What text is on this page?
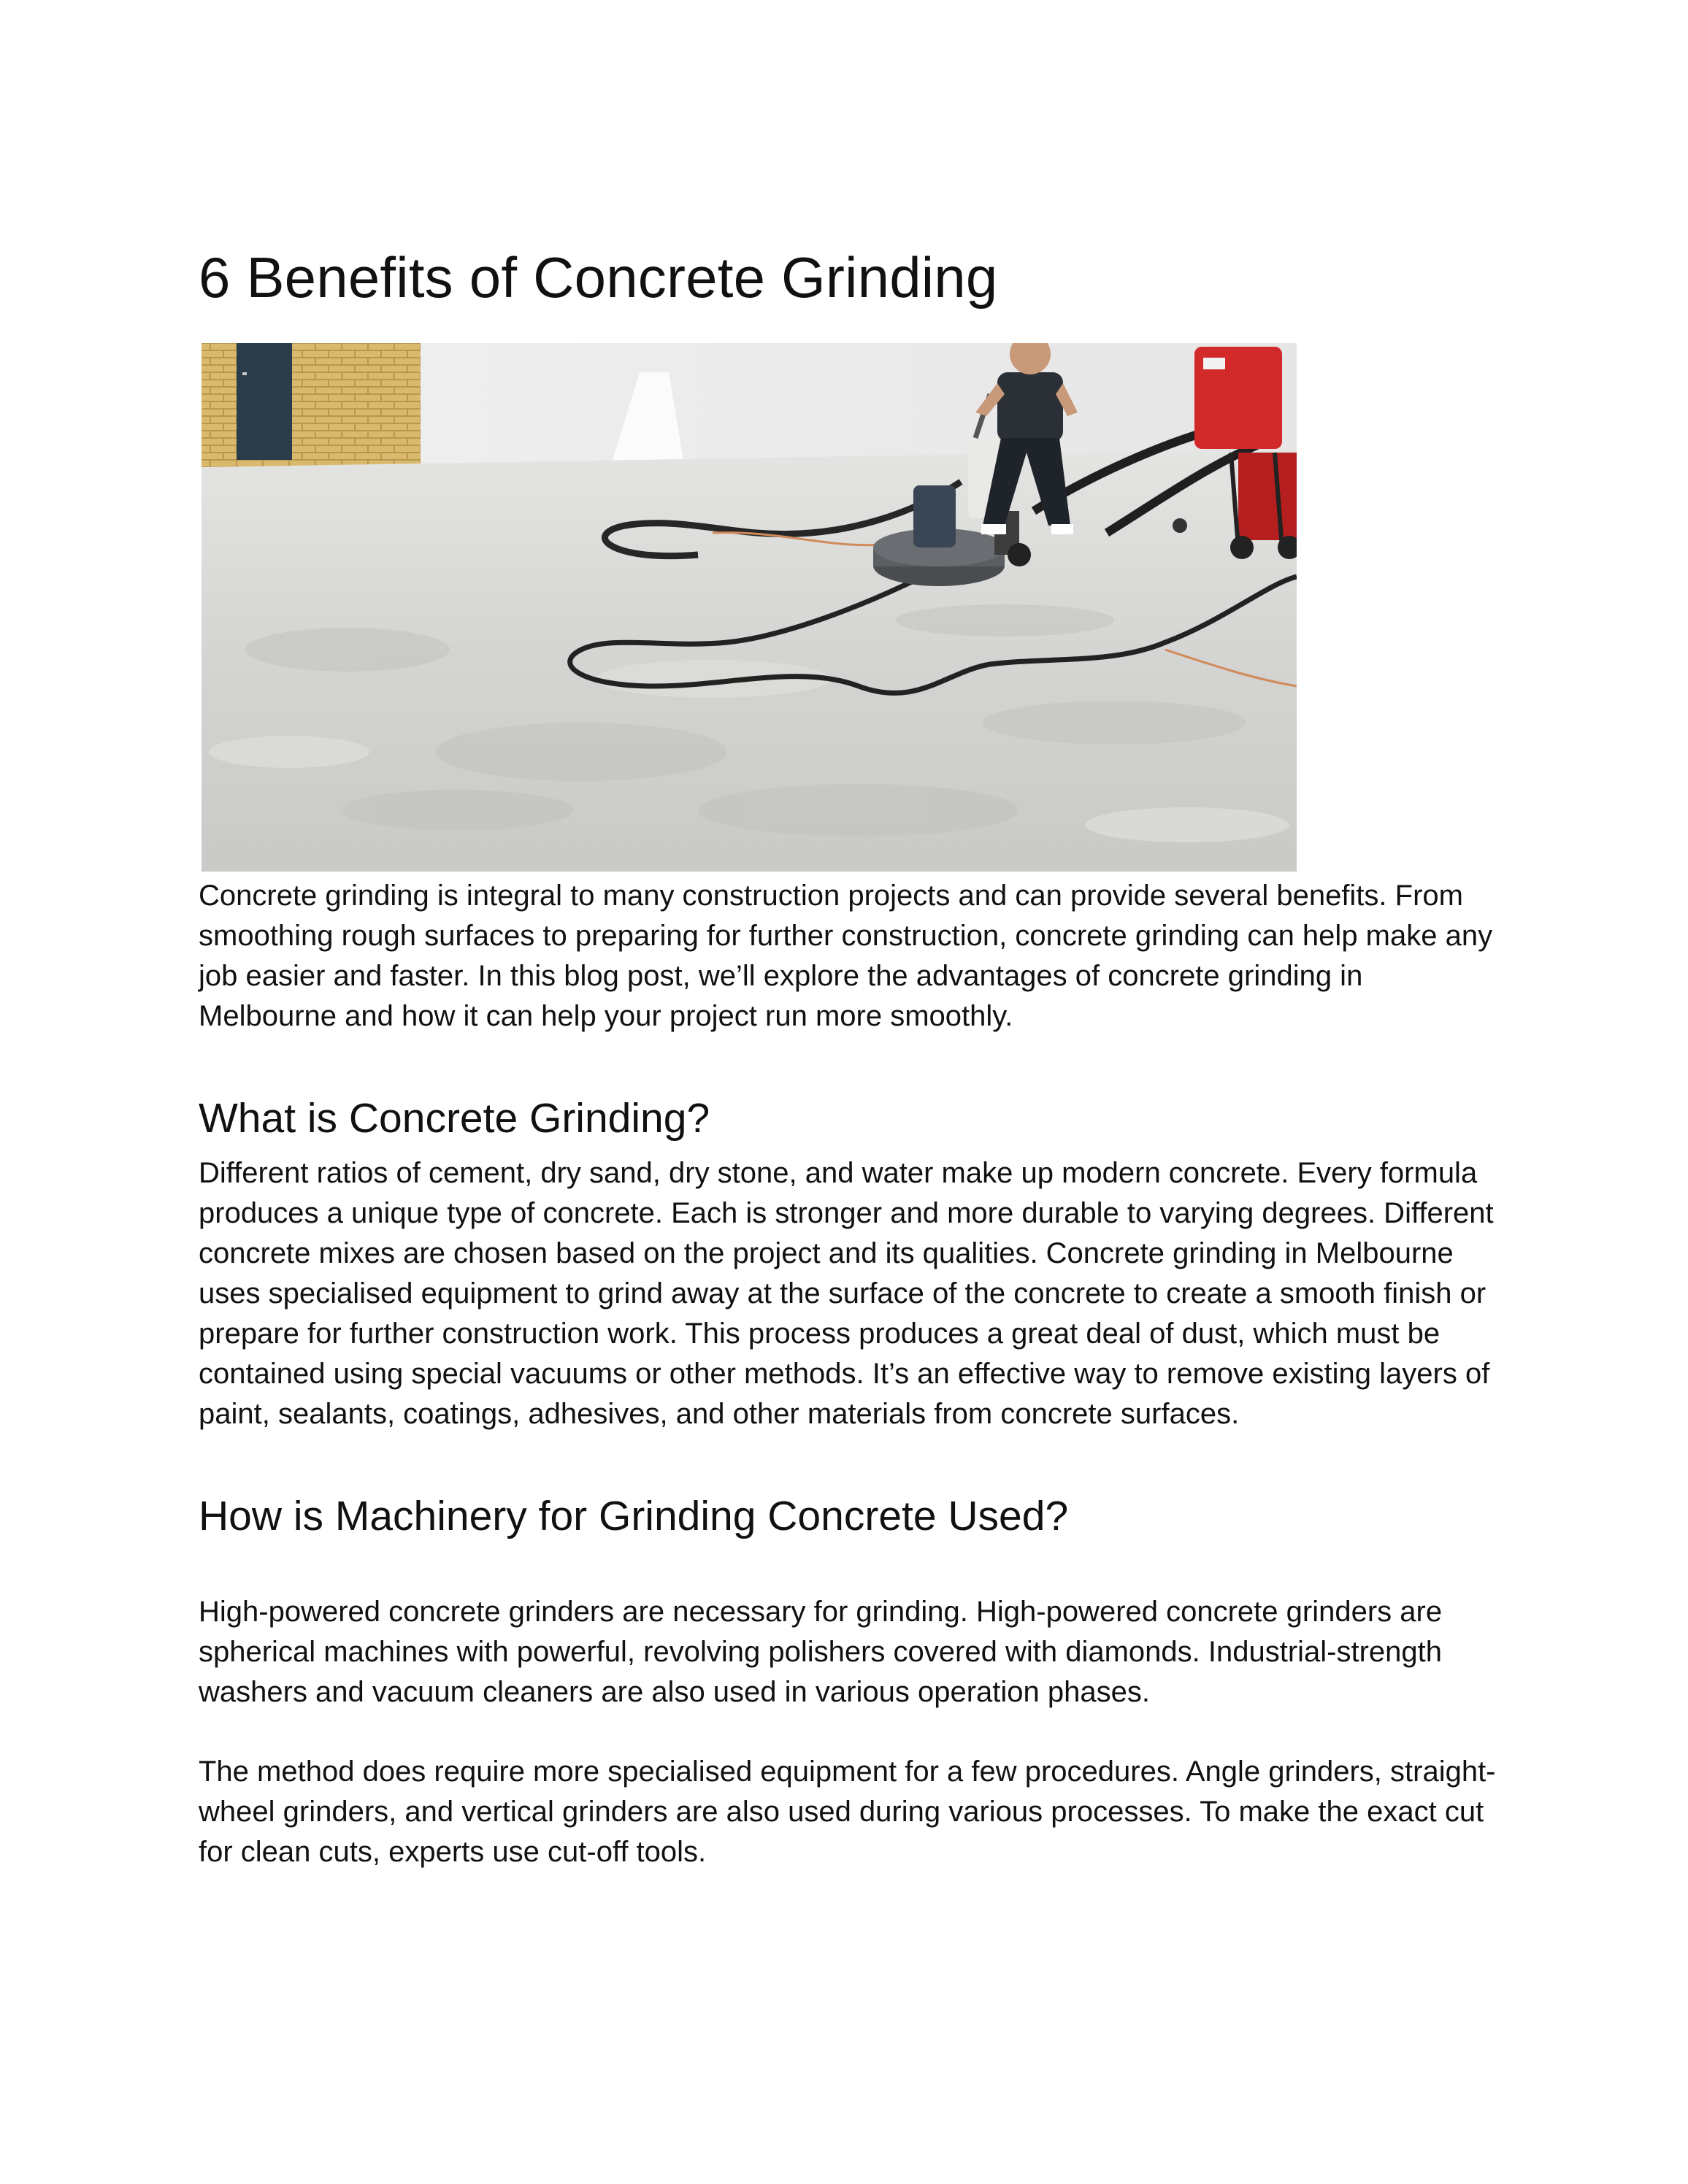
6 Benefits of Concrete Grinding

Concrete grinding is integral to many construction projects and can provide several benefits. From smoothing rough surfaces to preparing for further construction, concrete grinding can help make any job easier and faster. In this blog post, we’ll explore the advantages of concrete grinding in Melbourne and how it can help your project run more smoothly.

What is Concrete Grinding?

Different ratios of cement, dry sand, dry stone, and water make up modern concrete. Every formula produces a unique type of concrete. Each is stronger and more durable to varying degrees. Different concrete mixes are chosen based on the project and its qualities. Concrete grinding in Melbourne uses specialised equipment to grind away at the surface of the concrete to create a smooth finish or prepare for further construction work. This process produces a great deal of dust, which must be contained using special vacuums or other methods. It’s an effective way to remove existing layers of paint, sealants, coatings, adhesives, and other materials from concrete surfaces.

How is Machinery for Grinding Concrete Used?

High-powered concrete grinders are necessary for grinding. High-powered concrete grinders are spherical machines with powerful, revolving polishers covered with diamonds. Industrial-strength washers and vacuum cleaners are also used in various operation phases.

The method does require more specialised equipment for a few procedures. Angle grinders, straight-wheel grinders, and vertical grinders are also used during various processes. To make the exact cut for clean cuts, experts use cut-off tools.
